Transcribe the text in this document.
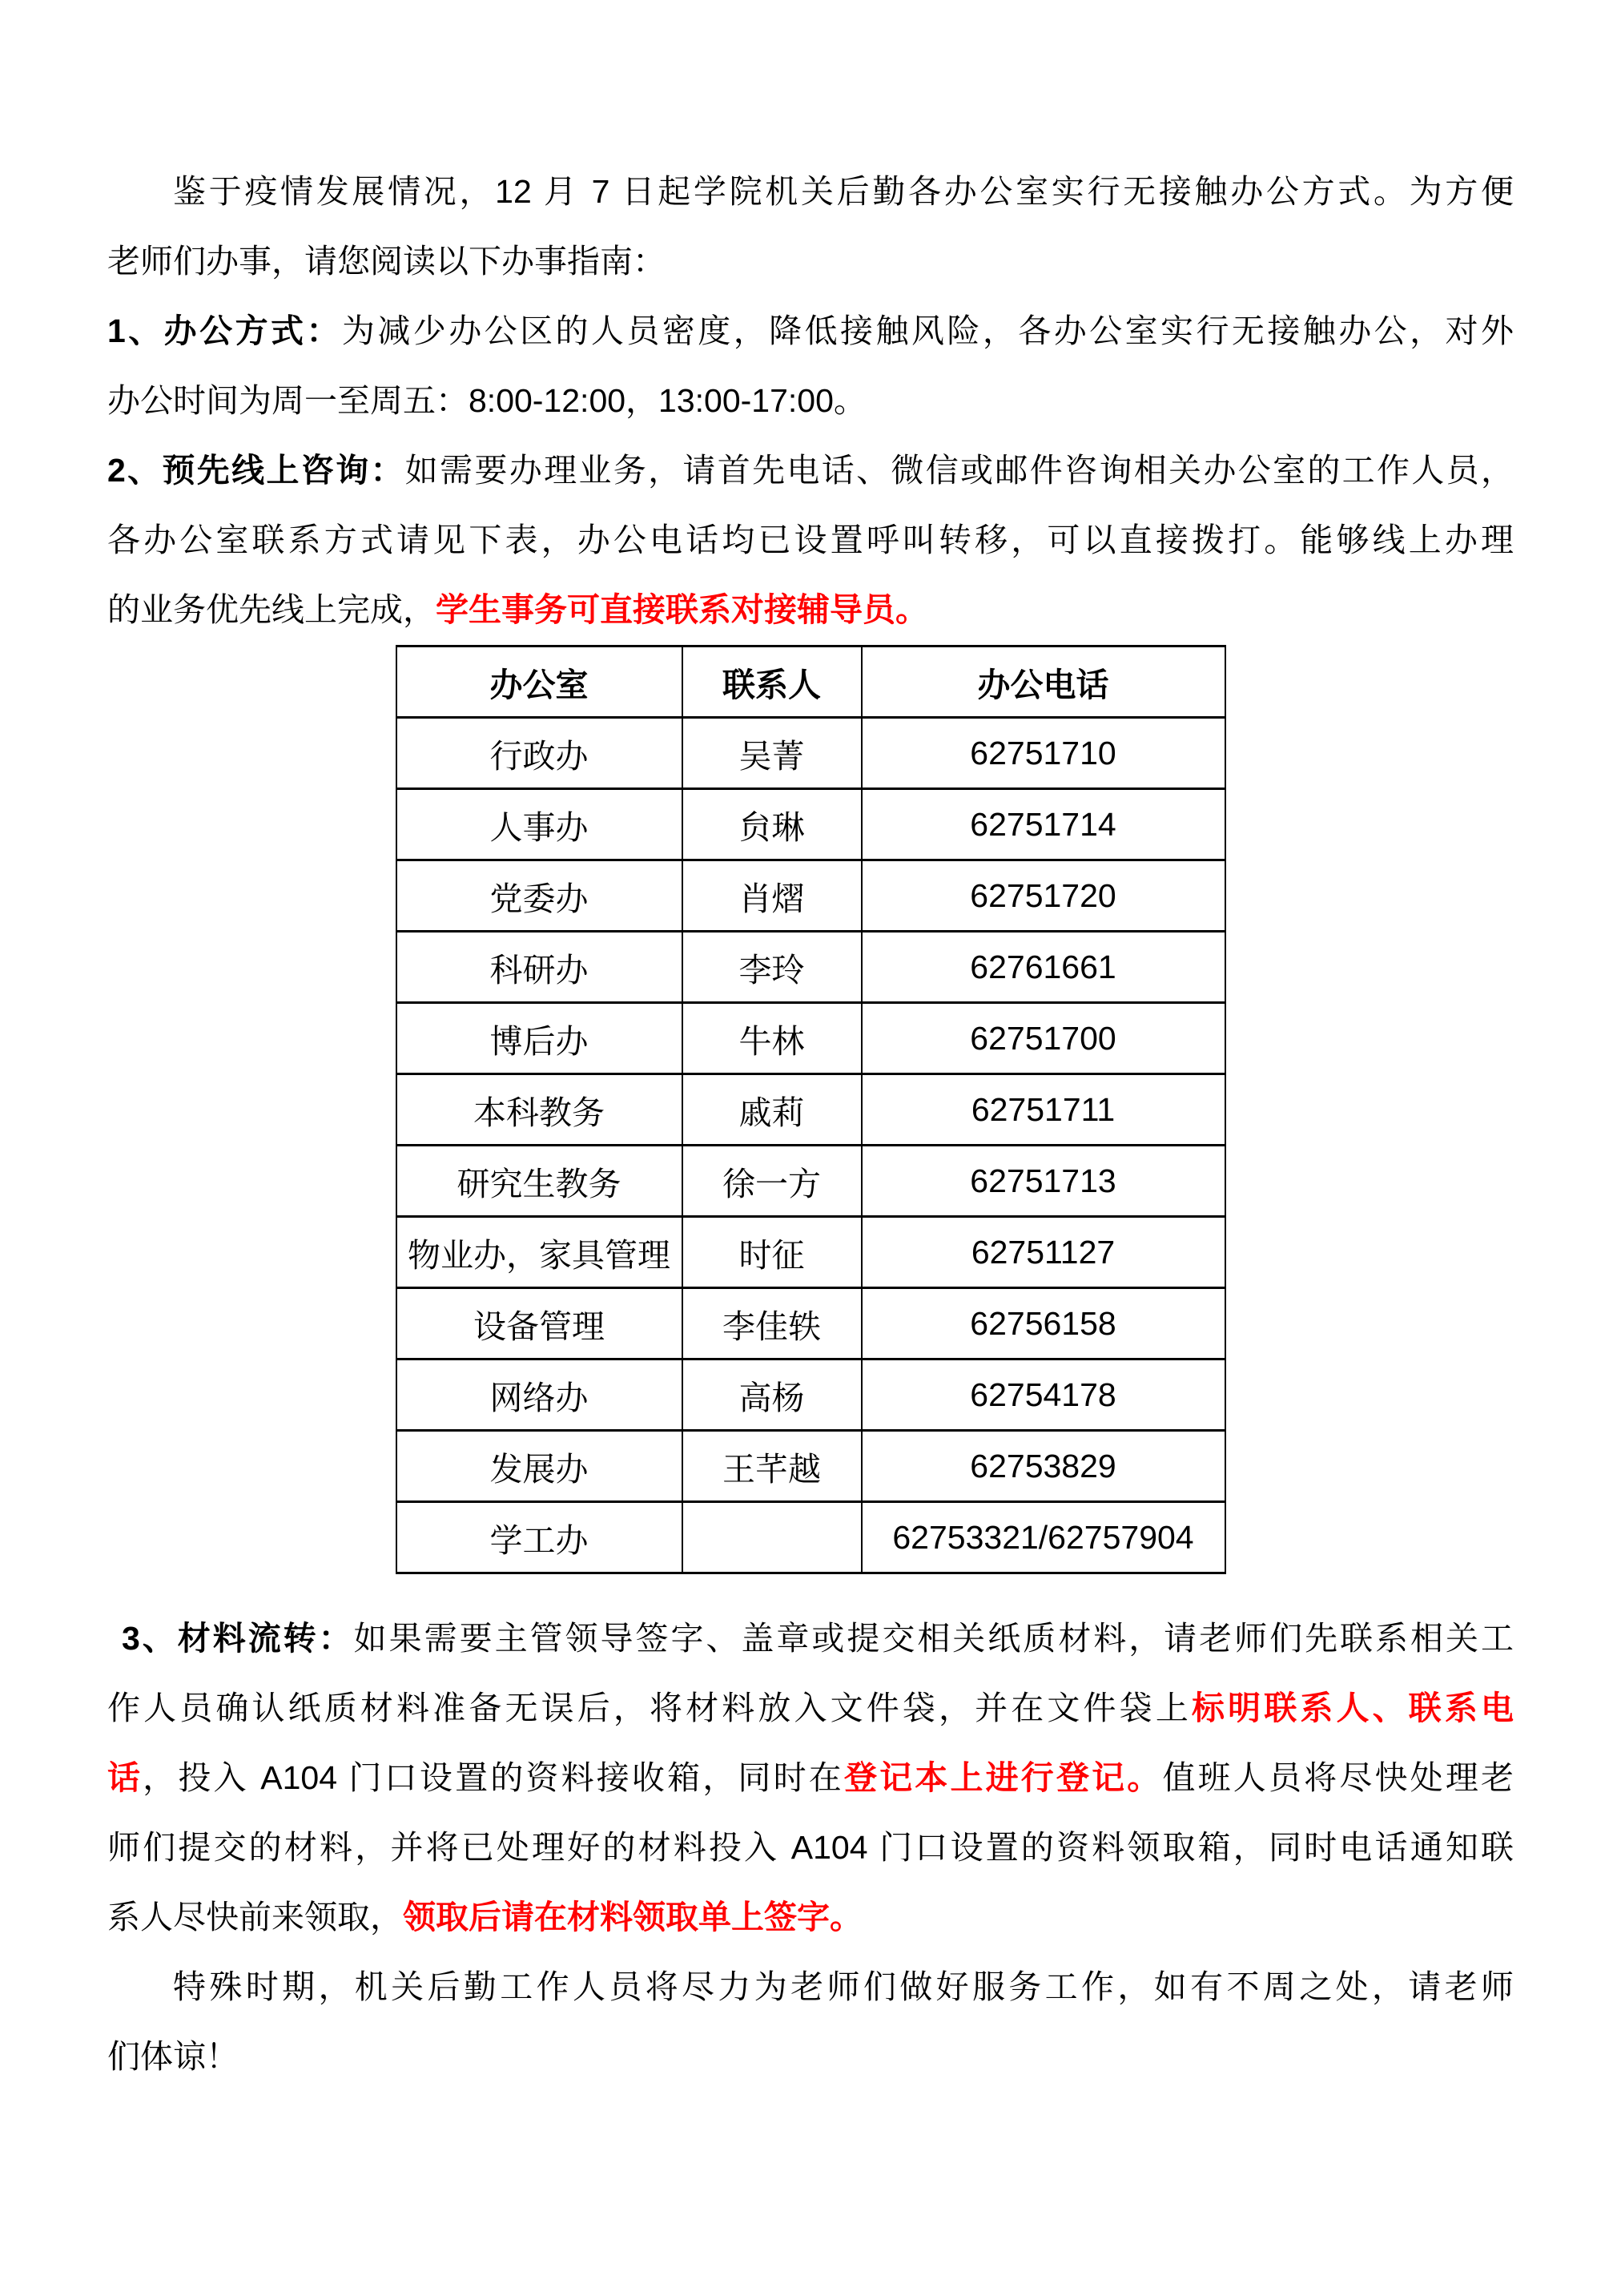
鉴于疫情发展情况，12 月 7 日起学院机关后勤各办公室实行无接触办公方式。为方便
老师们办事，请您阅读以下办事指南：
1、办公方式：为减少办公区的人员密度，降低接触风险，各办公室实行无接触办公，对外
办公时间为周一至周五：8:00-12:00，13:00-17:00。
2、预先线上咨询：如需要办理业务，请首先电话、微信或邮件咨询相关办公室的工作人员，
各办公室联系方式请见下表，办公电话均已设置呼叫转移，可以直接拨打。能够线上办理
的业务优先线上完成，学生事务可直接联系对接辅导员。
办公室	联系人	办公电话
行政办	吴菁	62751710
人事办	贠琳	62751714
党委办	肖熠	62751720
科研办	李玲	62761661
博后办	牛林	62751700
本科教务	戚莉	62751711
研究生教务	徐一方	62751713
物业办，家具管理	时征	62751127
设备管理	李佳轶	62756158
网络办	高杨	62754178
发展办	王芊越	62753829
学工办		62753321/62757904
3、材料流转：如果需要主管领导签字、盖章或提交相关纸质材料，请老师们先联系相关工
作人员确认纸质材料准备无误后，将材料放入文件袋，并在文件袋上标明联系人、联系电
话，投入 A104 门口设置的资料接收箱，同时在登记本上进行登记。值班人员将尽快处理老
师们提交的材料，并将已处理好的材料投入 A104 门口设置的资料领取箱，同时电话通知联
系人尽快前来领取，领取后请在材料领取单上签字。
特殊时期，机关后勤工作人员将尽力为老师们做好服务工作，如有不周之处，请老师
们体谅！
